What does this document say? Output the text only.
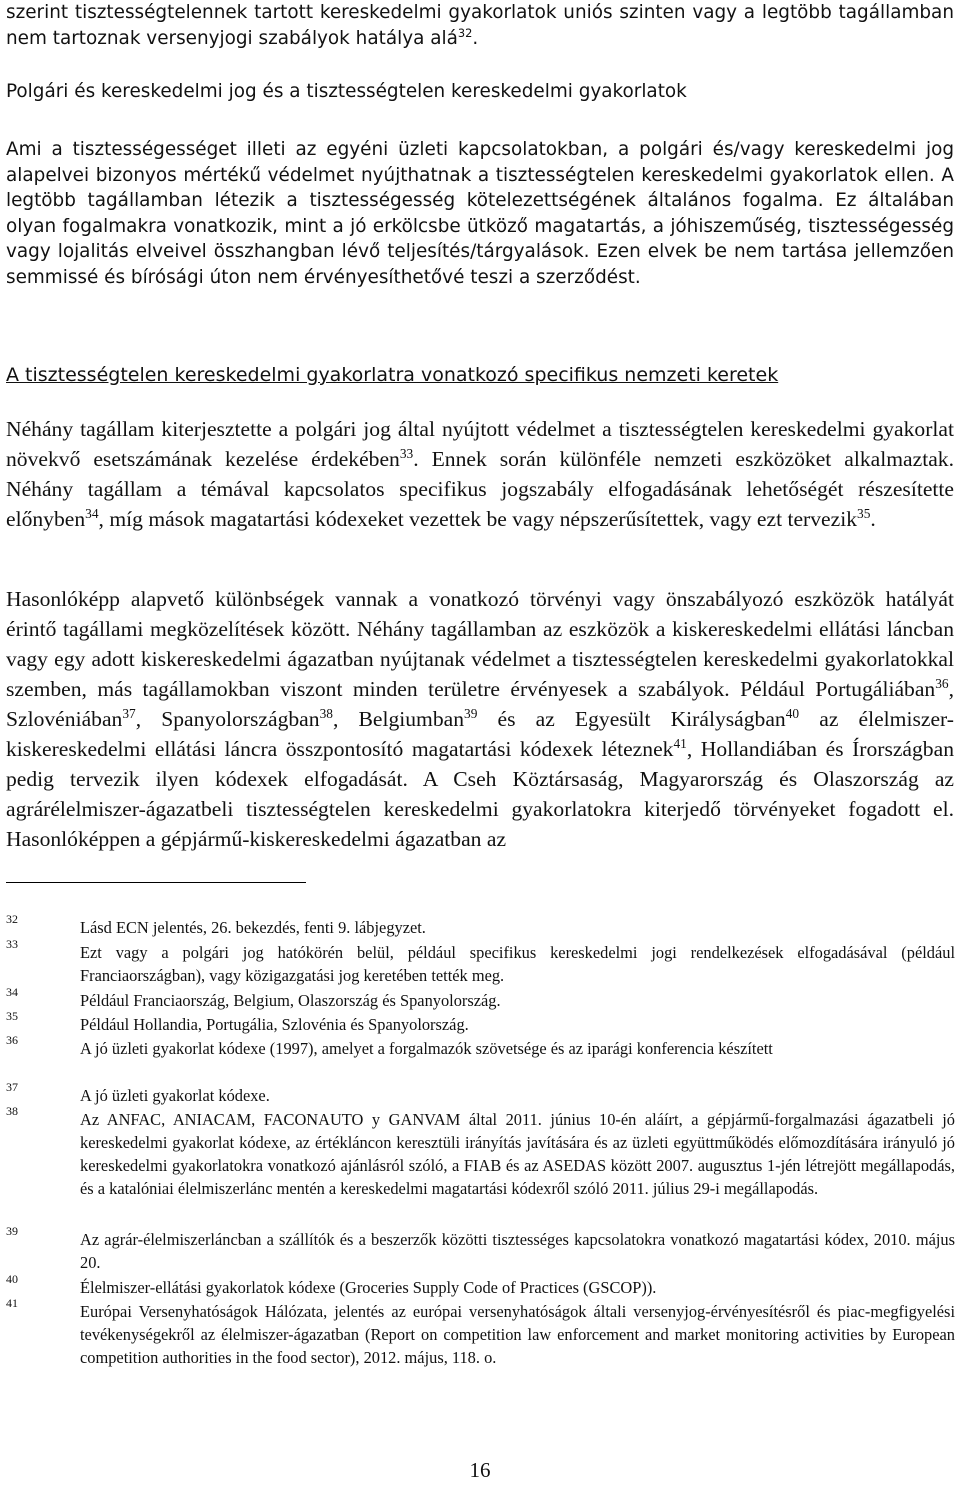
szerint tisztességtelennek tartott kereskedelmi gyakorlatok uniós szinten vagy a legtöbb tagállamban nem tartoznak versenyjogi szabályok hatálya alá$^{32}$.

Polgári és kereskedelmi jog és a tisztességtelen kereskedelmi gyakorlatok

Ami a tisztességességet illeti az egyéni üzleti kapcsolatokban, a polgári és/vagy kereskedelmi jog alapelvei bizonyos mértékű védelmet nyújthatnak a tisztességtelen kereskedelmi gyakorlatok ellen. A legtöbb tagállamban létezik a tisztességesség kötelezettségének általános fogalma. Ez általában olyan fogalmakra vonatkozik, mint a jó erkölcsbe ütköző magatartás, a jóhiszeműség, tisztességesség vagy lojalitás elveivel összhangban lévő teljesítés/tárgyalások. Ezen elvek be nem tartása jellemzően semmissé és bírósági úton nem érvényesíthetővé teszi a szerződést.

A tisztességtelen kereskedelmi gyakorlatra vonatkozó specifikus nemzeti keretek

Néhány tagállam kiterjesztette a polgári jog által nyújtott védelmet a tisztességtelen kereskedelmi gyakorlat növekvő esetszámának kezelése érdekében$^{33}$. Ennek során különféle nemzeti eszközöket alkalmaztak. Néhány tagállam a témával kapcsolatos specifikus jogszabály elfogadásának lehetőségét részesítette előnyben$^{34}$, míg mások magatartási kódexeket vezettek be vagy népszerűsítettek, vagy ezt tervezik$^{35}$.

Hasonlóképp alapvető különbségek vannak a vonatkozó törvényi vagy önszabályozó eszközök hatályát érintő tagállami megközelítések között. Néhány tagállamban az eszközök a kiskereskedelmi ellátási láncban vagy egy adott kiskereskedelmi ágazatban nyújtanak védelmet a tisztességtelen kereskedelmi gyakorlatokkal szemben, más tagállamokban viszont minden területre érvényesek a szabályok. Például Portugáliában$^{36}$, Szlovéniában$^{37}$, Spanyolországban$^{38}$, Belgiumban$^{39}$ és az Egyesült Királyságban$^{40}$ az élelmiszer-kiskereskedelmi ellátási láncra összpontosító magatartási kódexek léteznek$^{41}$, Hollandiában és Írországban pedig tervezik ilyen kódexek elfogadását. A Cseh Köztársaság, Magyarország és Olaszország az agrárélelmiszer-ágazatbeli tisztességtelen kereskedelmi gyakorlatokra kiterjedő törvényeket fogadott el. Hasonlóképpen a gépjármű-kiskereskedelmi ágazatban az

32	Lásd ECN jelentés, 26. bekezdés, fenti 9. lábjegyzet.

33	Ezt vagy a polgári jog hatókörén belül, például specifikus kereskedelmi jogi rendelkezések elfogadásával (például Franciaországban), vagy közigazgatási jog keretében tették meg.

34	Például Franciaország, Belgium, Olaszország és Spanyolország.

35	Például Hollandia, Portugália, Szlovénia és Spanyolország.

36	A jó üzleti gyakorlat kódexe (1997), amelyet a forgalmazók szövetsége és az iparági konferencia készített

37	A jó üzleti gyakorlat kódexe.

38	Az ANFAC, ANIACAM, FACONAUTO y GANVAM által 2011. június 10-én aláírt, a gépjármű-forgalmazási ágazatbeli jó kereskedelmi gyakorlat kódexe, az értékláncon keresztüli irányítás javítására és az üzleti együttműködés előmozdítására irányuló jó kereskedelmi gyakorlatokra vonatkozó ajánlásról szóló, a FIAB és az ASEDAS között 2007. augusztus 1-jén létrejött megállapodás, és a katalóniai élelmiszerlánc mentén a kereskedelmi magatartási kódexről szóló 2011. július 29-i megállapodás.

39	Az agrár-élelmiszerláncban a szállítók és a beszerzők közötti tisztességes kapcsolatokra vonatkozó magatartási kódex, 2010. május 20.

40	Élelmiszer-ellátási gyakorlatok kódexe (Groceries Supply Code of Practices (GSCOP)).

41	Európai Versenyhatóságok Hálózata, jelentés az európai versenyhatóságok általi versenyjog-érvényesítésről és piac-megfigyelési tevékenységekről az élelmiszer-ágazatban (Report on competition law enforcement and market monitoring activities by European competition authorities in the food sector), 2012. május, 118. o.

16
